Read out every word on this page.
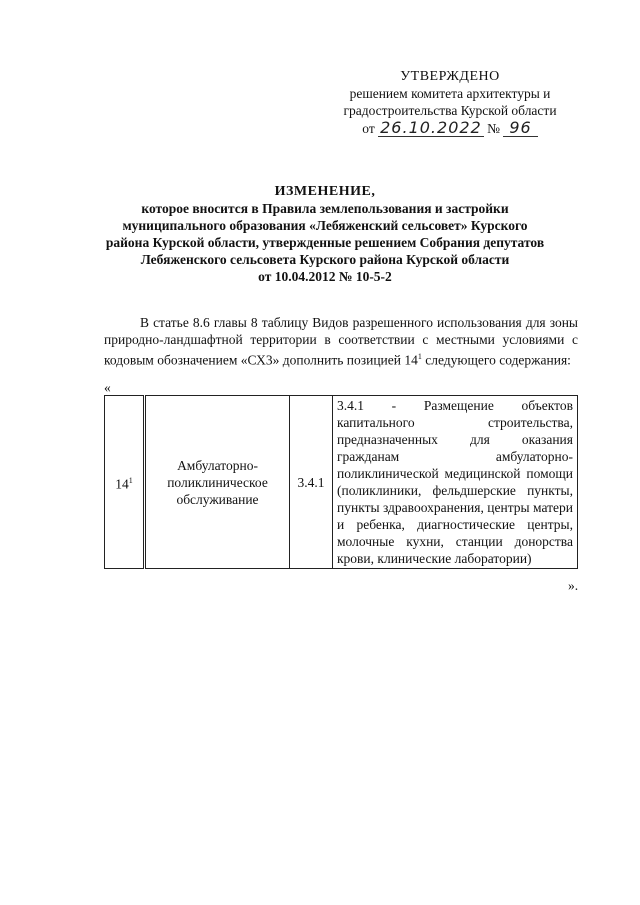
УТВЕРЖДЕНО
решением комитета архитектуры и
градостроительства Курской области
от 26.10.2022 № 96
ИЗМЕНЕНИЕ,
которое вносится в Правила землепользования и застройки
муниципального образования «Лебяженский сельсовет» Курского
района Курской области, утвержденные решением Собрания депутатов
Лебяженского сельсовета Курского района Курской области
от 10.04.2012 № 10-5-2

В статье 8.6 главы 8 таблицу Видов разрешенного использования для зоны природно-ландшафтной территории в соответствии с местными условиями с кодовым обозначением «СХ3» дополнить позицией $14^1$ следующего содержания:

«
$14^1$	Амбулаторно-поликлиническое обслуживание	3.4.1	3.4.1 - Размещение объектов капитального строительства, предназначенных для оказания гражданам амбулаторно-поликлинической медицинской помощи (поликлиники, фельдшерские пункты, пункты здравоохранения, центры матери и ребенка, диагностические центры, молочные кухни, станции донорства крови, клинические лаборатории)
».
